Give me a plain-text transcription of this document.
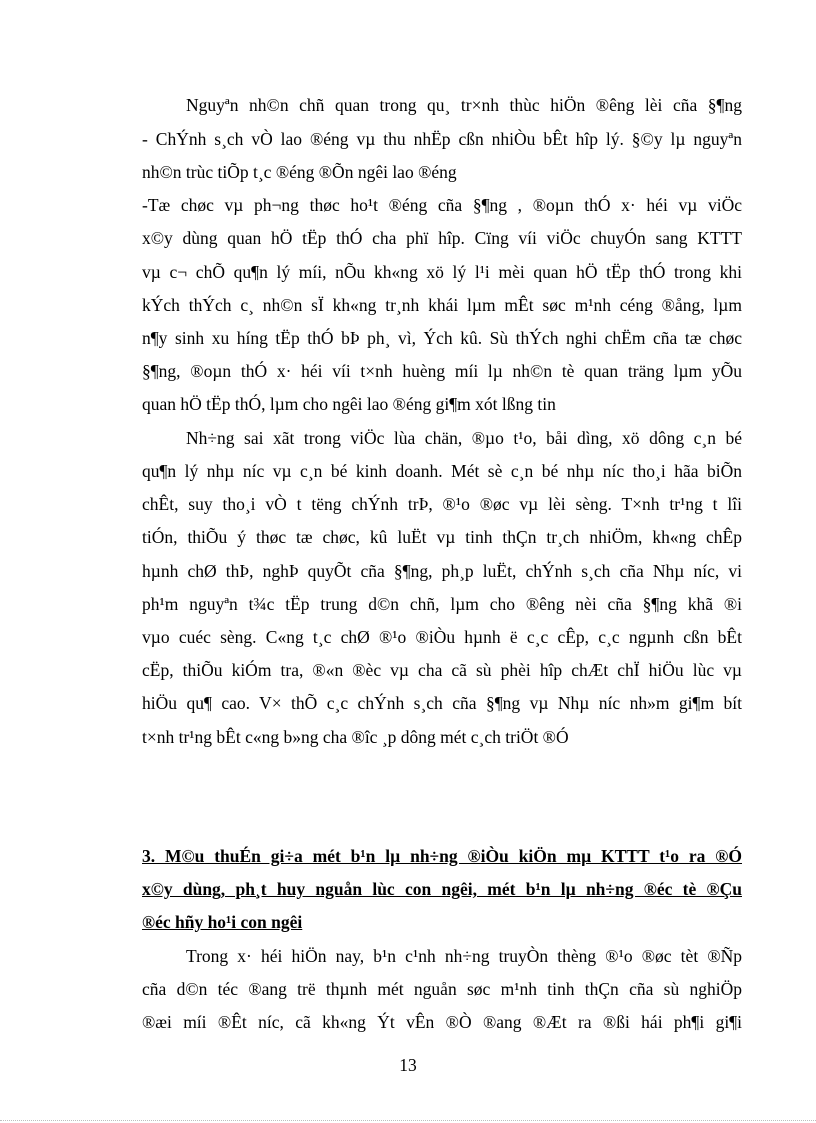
Nguyªn nh©n chñ quan trong qu¸ tr×nh thùc hiÖn ®êng lèi cña §¶ng
- ChÝnh s¸ch vÒ lao ®éng vµ thu nhËp cßn nhiÒu bÊt hîp lý. §©y lµ nguyªn
nh©n trùc tiÕp t¸c ®éng ®Õn ngêi lao ®éng
-Tæ chøc vµ ph¬ng thøc ho¹t ®éng cña §¶ng , ®oµn thÓ x· héi vµ viÖc
x©y dùng quan hÖ tËp thÓ cha phï hîp. Cïng víi viÖc chuyÓn sang KTTT
vµ c¬ chÕ qu¶n lý míi, nÕu kh«ng xö lý l¹i mèi quan hÖ tËp thÓ trong khi
kÝch thÝch c¸ nh©n sÏ kh«ng tr¸nh khái lµm mÊt søc m¹nh céng ®ång, lµm
n¶y sinh xu híng tËp thÓ bÞ ph¸ vì, Ých kû. Sù thÝch nghi chËm cña tæ chøc
§¶ng, ®oµn thÓ x· héi víi t×nh huèng míi lµ nh©n tè quan träng lµm yÕu
quan hÖ tËp thÓ, lµm cho ngêi lao ®éng gi¶m xót lßng tin
Nh÷ng sai xãt trong viÖc lùa chän, ®µo t¹o, båi dìng, xö dông c¸n bé
qu¶n lý nhµ níc vµ c¸n bé kinh doanh. Mét sè c¸n bé nhµ níc tho¸i hãa biÕn
chÊt, suy tho¸i vÒ t tëng chÝnh trÞ, ®¹o ®øc vµ lèi sèng. T×nh tr¹ng t lîi
tiÓn, thiÕu ý thøc tæ chøc, kû luËt vµ tinh thÇn tr¸ch nhiÖm, kh«ng chÊp
hµnh chØ thÞ, nghÞ quyÕt cña §¶ng, ph¸p luËt, chÝnh s¸ch cña Nhµ níc, vi
ph¹m nguyªn t¾c tËp trung d©n chñ, lµm cho ®êng nèi cña §¶ng khã ®i
vµo cuéc sèng. C«ng t¸c chØ ®¹o ®iÒu hµnh ë c¸c cÊp, c¸c ngµnh cßn bÊt
cËp, thiÕu kiÓm tra, ®«n ®èc vµ cha cã sù phèi hîp chÆt chÏ hiÖu lùc vµ
hiÖu qu¶ cao. V× thÕ c¸c chÝnh s¸ch cña §¶ng vµ Nhµ níc nh»m gi¶m bít
t×nh tr¹ng bÊt c«ng b»ng cha ®îc ¸p dông mét c¸ch triÖt ®Ó
3. M©u thuÉn gi÷a mét b¹n lµ nh÷ng ®iÒu kiÖn mµ KTTT t¹o ra ®Ó
x©y dùng, ph¸t huy nguån lùc con ngêi, mét b¹n lµ nh÷ng ®éc tè ®Çu
®éc hñy ho¹i con ngêi
Trong x· héi hiÖn nay, b¹n c¹nh nh÷ng truyÒn thèng ®¹o ®øc tèt ®Ñp
cña d©n téc ®ang trë thµnh mét nguån søc m¹nh tinh thÇn cña sù nghiÖp
®æi míi ®Êt níc, cã kh«ng Ýt vÊn ®Ò ®ang ®Æt ra ®ßi hái ph¶i gi¶i
13
